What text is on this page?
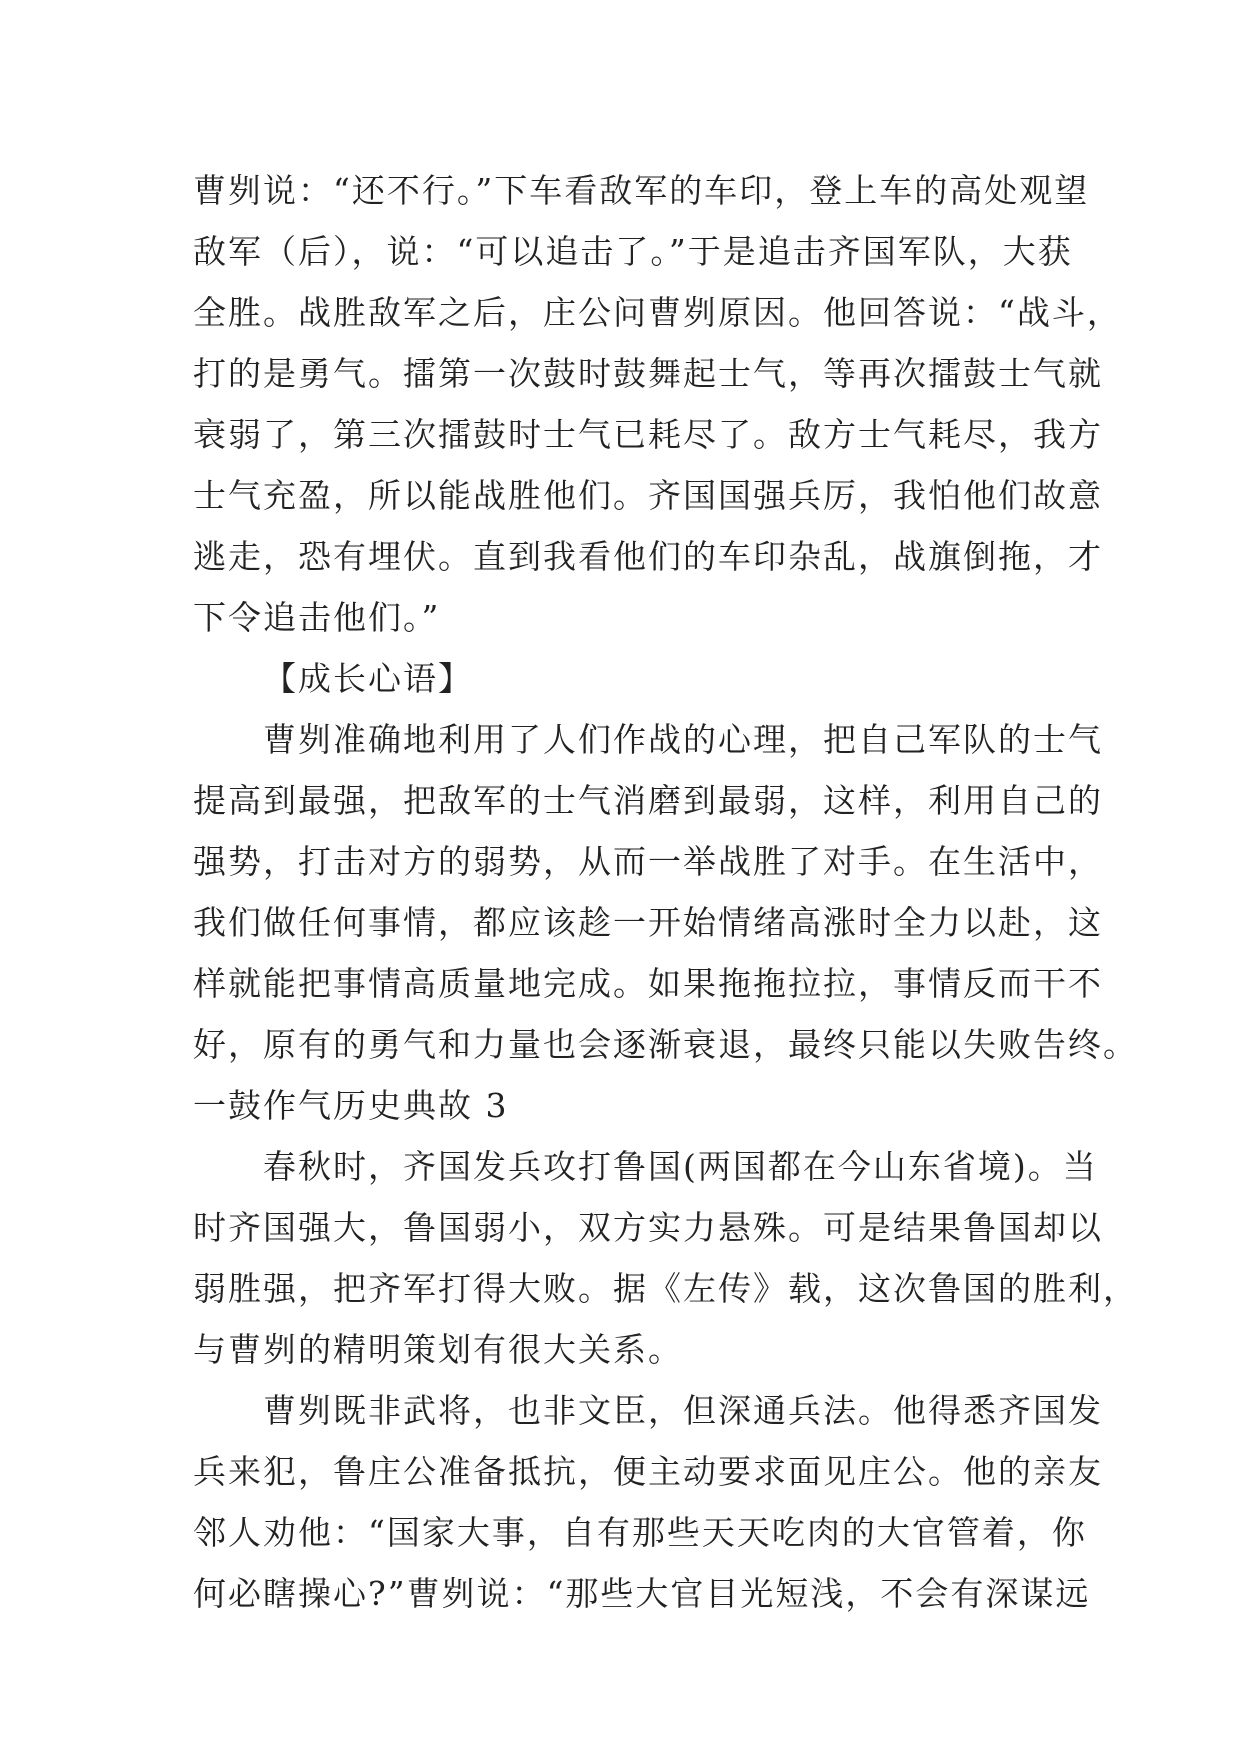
曹刿说：“还不行。”下车看敌军的车印，登上车的高处观望
敌军（后），说：“可以追击了。”于是追击齐国军队，大获
全胜。战胜敌军之后，庄公问曹刿原因。他回答说：“战斗，
打的是勇气。擂第一次鼓时鼓舞起士气，等再次擂鼓士气就
衰弱了，第三次擂鼓时士气已耗尽了。敌方士气耗尽，我方
士气充盈，所以能战胜他们。齐国国强兵厉，我怕他们故意
逃走，恐有埋伏。直到我看他们的车印杂乱，战旗倒拖，才
下令追击他们。”
【成长心语】
曹刿准确地利用了人们作战的心理，把自己军队的士气
提高到最强，把敌军的士气消磨到最弱，这样，利用自己的
强势，打击对方的弱势，从而一举战胜了对手。在生活中，
我们做任何事情，都应该趁一开始情绪高涨时全力以赴，这
样就能把事情高质量地完成。如果拖拖拉拉，事情反而干不
好，原有的勇气和力量也会逐渐衰退，最终只能以失败告终。
一鼓作气历史典故 3
春秋时，齐国发兵攻打鲁国(两国都在今山东省境)。当
时齐国强大，鲁国弱小，双方实力悬殊。可是结果鲁国却以
弱胜强，把齐军打得大败。据《左传》载，这次鲁国的胜利，
与曹刿的精明策划有很大关系。
曹刿既非武将，也非文臣，但深通兵法。他得悉齐国发
兵来犯，鲁庄公准备抵抗，便主动要求面见庄公。他的亲友
邻人劝他：“国家大事，自有那些天天吃肉的大官管着，你
何必瞎操心?”曹刿说：“那些大官目光短浅，不会有深谋远
